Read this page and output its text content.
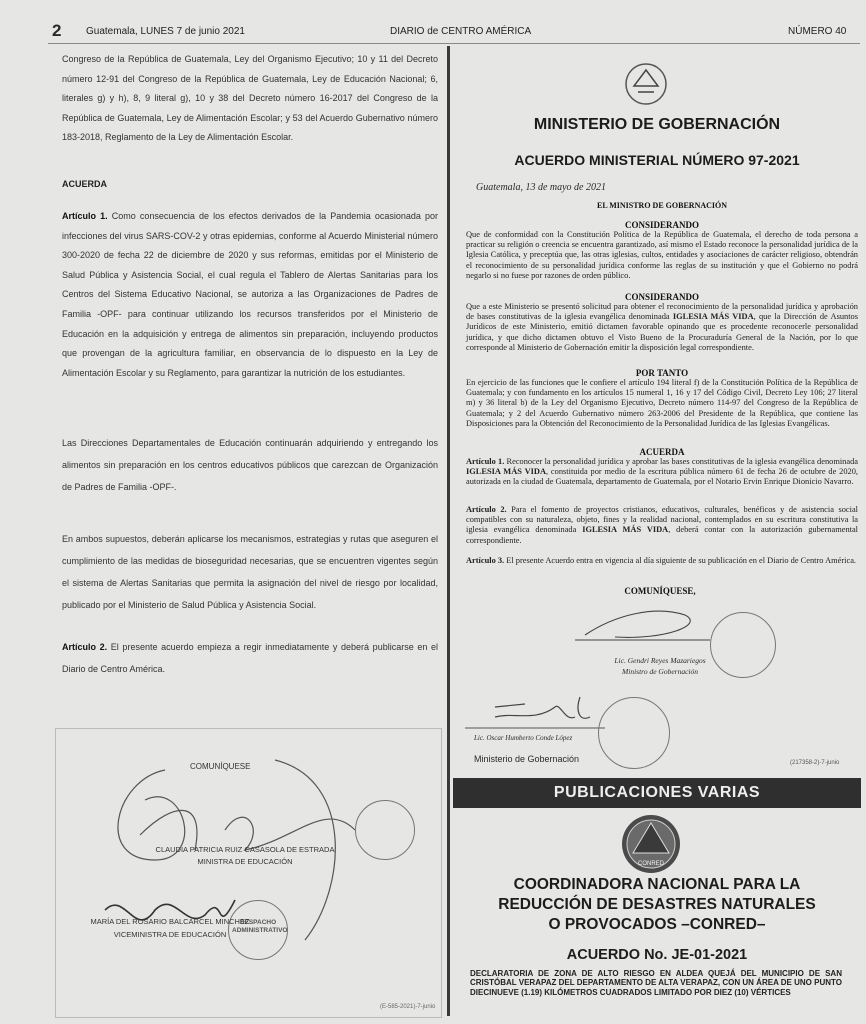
2 Guatemala, LUNES 7 de junio 2021	DIARIO de CENTRO AMÉRICA	NÚMERO 40
Congreso de la República de Guatemala, Ley del Organismo Ejecutivo; 10 y 11 del Decreto número 12-91 del Congreso de la República de Guatemala, Ley de Educación Nacional; 6, literales g) y h), 8, 9 literal g), 10 y 38 del Decreto número 16-2017 del Congreso de la República de Guatemala, Ley de Alimentación Escolar; y 53 del Acuerdo Gubernativo número 183-2018, Reglamento de la Ley de Alimentación Escolar.
ACUERDA
Artículo 1. Como consecuencia de los efectos derivados de la Pandemia ocasionada por infecciones del virus SARS-COV-2 y otras epidemias, conforme al Acuerdo Ministerial número 300-2020 de fecha 22 de diciembre de 2020 y sus reformas, emitidas por el Ministerio de Salud Pública y Asistencia Social, el cual regula el Tablero de Alertas Sanitarias para los Centros del Sistema Educativo Nacional, se autoriza a las Organizaciones de Padres de Familia -OPF- para continuar utilizando los recursos transferidos por el Ministerio de Educación en la adquisición y entrega de alimentos sin preparación, incluyendo productos que provengan de la agricultura familiar, en observancia de lo dispuesto en la Ley de Alimentación Escolar y su Reglamento, para garantizar la nutrición de los estudiantes.
Las Direcciones Departamentales de Educación continuarán adquiriendo y entregando los alimentos sin preparación en los centros educativos públicos que carezcan de Organización de Padres de Familia -OPF-.
En ambos supuestos, deberán aplicarse los mecanismos, estrategias y rutas que aseguren el cumplimiento de las medidas de bioseguridad necesarias, que se encuentren vigentes según el sistema de Alertas Sanitarias que permita la asignación del nivel de riesgo por localidad, publicado por el Ministerio de Salud Pública y Asistencia Social.
Artículo 2. El presente acuerdo empieza a regir inmediatamente y deberá publicarse en el Diario de Centro América.
COMUNÍQUESE
DESPACHO ADMINISTRATIVO
CLAUDIA PATRICIA RUIZ CASASOLA DE ESTRADA
MINISTRA DE EDUCACIÓN
MARÍA DEL ROSARIO BALCARCEL MINCHEZ
VICEMINISTRA DE EDUCACIÓN
(E-585-2021)-7-junio
MINISTERIO DE GOBERNACIÓN
ACUERDO MINISTERIAL NÚMERO 97-2021
Guatemala, 13 de mayo de 2021
EL MINISTRO DE GOBERNACIÓN
CONSIDERANDO
Que de conformidad con la Constitución Política de la República de Guatemala, el derecho de toda persona a practicar su religión o creencia se encuentra garantizado, así mismo el Estado reconoce la personalidad jurídica de la Iglesia Católica, y preceptúa que, las otras iglesias, cultos, entidades y asociaciones de carácter religioso, obtendrán el reconocimiento de su personalidad jurídica conforme las reglas de su institución y que el Gobierno no podrá negarlo si no fuese por razones de orden público.
CONSIDERANDO
Que a este Ministerio se presentó solicitud para obtener el reconocimiento de la personalidad jurídica y aprobación de bases constitutivas de la iglesia evangélica denominada IGLESIA MÁS VIDA, que la Dirección de Asuntos Jurídicos de este Ministerio, emitió dictamen favorable opinando que es procedente reconocerle personalidad jurídica, y que dicho dictamen obtuvo el Visto Bueno de la Procuraduría General de la Nación, por lo que corresponde al Ministerio de Gobernación emitir la disposición legal correspondiente.
POR TANTO
En ejercicio de las funciones que le confiere el artículo 194 literal f) de la Constitución Política de la República de Guatemala; y con fundamento en los artículos 15 numeral 1, 16 y 17 del Código Civil, Decreto Ley 106; 27 literal m) y 36 literal b) de la Ley del Organismo Ejecutivo, Decreto número 114-97 del Congreso de la República de Guatemala; y 2 del Acuerdo Gubernativo número 263-2006 del Presidente de la República, que contiene las Disposiciones para la Obtención del Reconocimiento de la Personalidad Jurídica de las Iglesias Evangélicas.
ACUERDA
Artículo 1. Reconocer la personalidad jurídica y aprobar las bases constitutivas de la iglesia evangélica denominada IGLESIA MÁS VIDA, constituida por medio de la escritura pública número 61 de fecha 26 de octubre de 2020, autorizada en la ciudad de Guatemala, departamento de Guatemala, por el Notario Ervin Enrique Dionicio Navarro.
Artículo 2. Para el fomento de proyectos cristianos, educativos, culturales, benéficos y de asistencia social compatibles con su naturaleza, objeto, fines y la realidad nacional, contemplados en su escritura constitutiva la iglesia evangélica denominada IGLESIA MÁS VIDA, deberá contar con la autorización gubernamental correspondiente.
Artículo 3. El presente Acuerdo entra en vigencia al día siguiente de su publicación en el Diario de Centro América.
COMUNÍQUESE,
Lic. Gendri Reyes Mazariegos
Ministro de Gobernación
Lic. Oscar Humberto Conde López
Ministerio de Gobernación	(217358-2)-7-junio
PUBLICACIONES VARIAS
CONRED
COORDINADORA NACIONAL PARA LA
REDUCCIÓN DE DESASTRES NATURALES
O PROVOCADOS –CONRED–
ACUERDO No. JE-01-2021
DECLARATORIA DE ZONA DE ALTO RIESGO EN ALDEA QUEJÁ DEL MUNICIPIO DE SAN CRISTÓBAL VERAPAZ DEL DEPARTAMENTO DE ALTA VERAPAZ, CON UN ÁREA DE UNO PUNTO DIECINUEVE (1.19) KILÓMETROS CUADRADOS LIMITADO POR DIEZ (10) VÉRTICES
